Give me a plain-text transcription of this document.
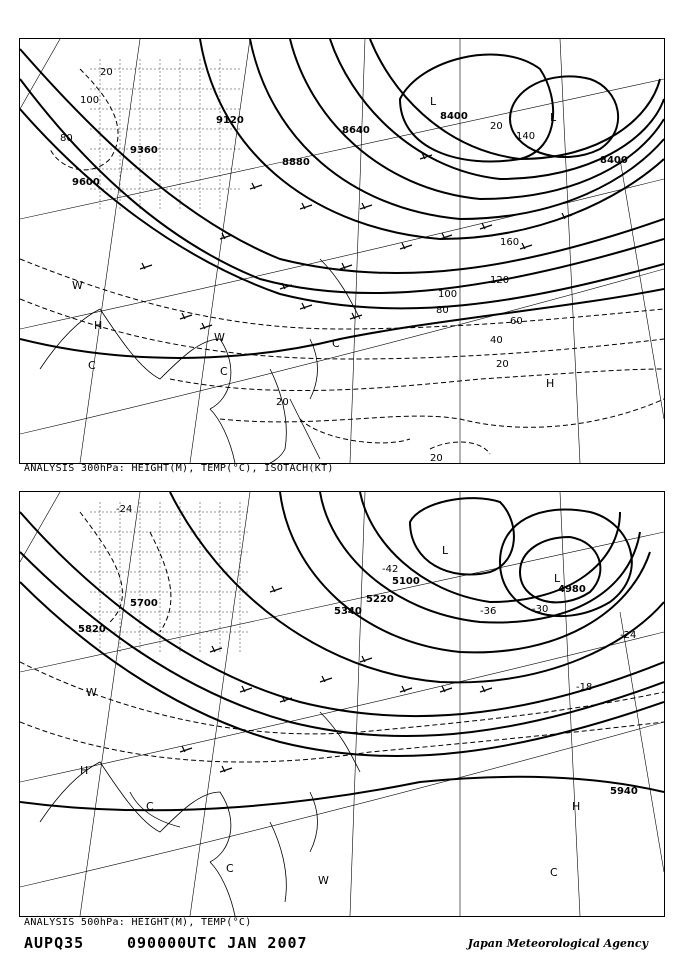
9120
8640
8400
8880
9360
9600
8400
20
40
60
80
100
120
140
160
20
20
20
100
80
20
L
L
H
H
W
W	C
C	C
ANALYSIS 300hPa: HEIGHT(M), TEMP(°C), ISOTACH(KT)
5700
5820
5340
5220
5100
4980
5940
-42
-36	-30
-24
-18
-24
L
L
H
H
W
W
C
C
C
ANALYSIS 500hPa: HEIGHT(M), TEMP(°C)
AUPQ35	090000UTC JAN 2007	Japan Meteorological Agency
